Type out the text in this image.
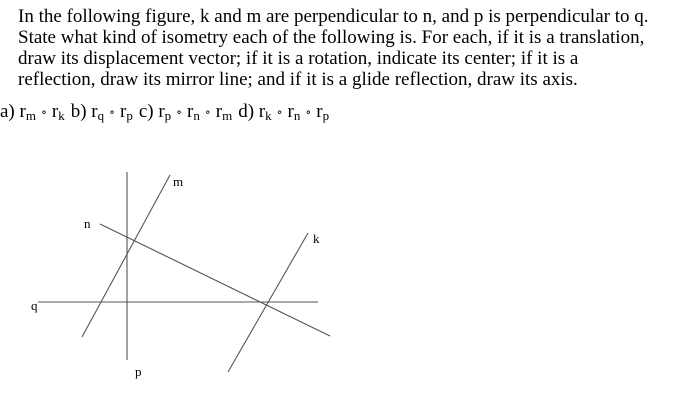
In the following figure, k and m are perpendicular to n, and p is perpendicular to q.

State what kind of isometry each of the following is. For each, if it is a translation,

draw its displacement vector; if it is a rotation, indicate its center; if it is a

reflection, draw its mirror line; and if it is a glide reflection, draw its axis.

a) rm ∘ rk b) rq ∘ rp c) rp ∘ rn ∘ rm d) rk ∘ rn ∘ rp
m
n
k
q
p
